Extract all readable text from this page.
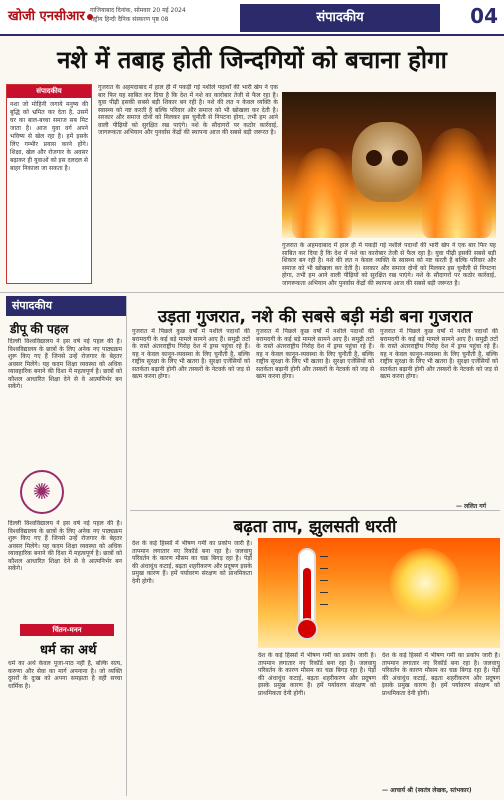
खोजी एनसीआर गाजियाबाद दिनांक, सोमवार 20 मई 2024
राष्ट्रीय हिन्दी दैनिक संस्करण पृष्ठ 08	संपादकीय	04
नशे में तबाह होती जिन्दगियों को बचाना होगा
संपादकीय
नशा जो मोहिनी जगाये मनुष्य की बुद्धि को भ्रमित कर देता है, उसमें घर का बाल-बच्चा समाज सब मिट जाता है। आज युवा वर्ग अपने भविष्य से खेल रहा है। हमें इसके लिए गम्भीर प्रयास करने होंगे। शिक्षा, खेल और रोजगार के अवसर बढ़ाकर ही युवाओं को इस दलदल से बाहर निकाला जा सकता है।
गुजरात के अहमदाबाद में हाल ही में पकड़ी गई नशीले पदार्थों की भारी खेप ने एक बार फिर यह साबित कर दिया है कि देश में नशे का कारोबार तेजी से फैल रहा है। युवा पीढ़ी इसकी सबसे बड़ी शिकार बन रही है। नशे की लत न केवल व्यक्ति के स्वास्थ्य को नष्ट करती है बल्कि परिवार और समाज को भी खोखला कर देती है। सरकार और समाज दोनों को मिलकर इस चुनौती से निपटना होगा, तभी हम आने वाली पीढ़ियों को सुरक्षित रख पाएंगे। नशे के सौदागरों पर कठोर कार्रवाई, जागरूकता अभियान और पुनर्वास केंद्रों की स्थापना आज की सबसे बड़ी जरूरत है।
गुजरात के अहमदाबाद में हाल ही में पकड़ी गई नशीले पदार्थों की भारी खेप ने एक बार फिर यह साबित कर दिया है कि देश में नशे का कारोबार तेजी से फैल रहा है। युवा पीढ़ी इसकी सबसे बड़ी शिकार बन रही है। नशे की लत न केवल व्यक्ति के स्वास्थ्य को नष्ट करती है बल्कि परिवार और समाज को भी खोखला कर देती है। सरकार और समाज दोनों को मिलकर इस चुनौती से निपटना होगा, तभी हम आने वाली पीढ़ियों को सुरक्षित रख पाएंगे। नशे के सौदागरों पर कठोर कार्रवाई, जागरूकता अभियान और पुनर्वास केंद्रों की स्थापना आज की सबसे बड़ी जरूरत है।
संपादकीय
डीपू की पहल
दिल्ली विश्वविद्यालय ने इस वर्ष नई पहल की है। विश्वविद्यालय के छात्रों के लिए अनेक नए पाठ्यक्रम शुरू किए गए हैं जिनसे उन्हें रोजगार के बेहतर अवसर मिलेंगे। यह कदम शिक्षा व्यवस्था को अधिक व्यावहारिक बनाने की दिशा में महत्वपूर्ण है। छात्रों को कौशल आधारित शिक्षा देने से वे आत्मनिर्भर बन सकेंगे।
✺
दिल्ली विश्वविद्यालय ने इस वर्ष नई पहल की है। विश्वविद्यालय के छात्रों के लिए अनेक नए पाठ्यक्रम शुरू किए गए हैं जिनसे उन्हें रोजगार के बेहतर अवसर मिलेंगे। यह कदम शिक्षा व्यवस्था को अधिक व्यावहारिक बनाने की दिशा में महत्वपूर्ण है। छात्रों को कौशल आधारित शिक्षा देने से वे आत्मनिर्भर बन सकेंगे।
चिंतन-मनन
धर्म का अर्थ
धर्म का अर्थ केवल पूजा-पाठ नहीं है, बल्कि सत्य, करुणा और सेवा का मार्ग अपनाना है। जो व्यक्ति दूसरों के दुःख को अपना समझता है वही सच्चा धार्मिक है।
उड़ता गुजरात, नशे की सबसे बड़ी मंडी बना गुजरात
गुजरात में पिछले कुछ वर्षों में नशीले पदार्थों की बरामदगी के कई बड़े मामले सामने आए हैं। समुद्री तटों के रास्ते अंतरराष्ट्रीय गिरोह देश में ड्रग्स पहुंचा रहे हैं। यह न केवल कानून-व्यवस्था के लिए चुनौती है, बल्कि राष्ट्रीय सुरक्षा के लिए भी खतरा है। सुरक्षा एजेंसियों को सतर्कता बढ़ानी होगी और तस्करों के नेटवर्क को जड़ से खत्म करना होगा।
गुजरात में पिछले कुछ वर्षों में नशीले पदार्थों की बरामदगी के कई बड़े मामले सामने आए हैं। समुद्री तटों के रास्ते अंतरराष्ट्रीय गिरोह देश में ड्रग्स पहुंचा रहे हैं। यह न केवल कानून-व्यवस्था के लिए चुनौती है, बल्कि राष्ट्रीय सुरक्षा के लिए भी खतरा है। सुरक्षा एजेंसियों को सतर्कता बढ़ानी होगी और तस्करों के नेटवर्क को जड़ से खत्म करना होगा।
गुजरात में पिछले कुछ वर्षों में नशीले पदार्थों की बरामदगी के कई बड़े मामले सामने आए हैं। समुद्री तटों के रास्ते अंतरराष्ट्रीय गिरोह देश में ड्रग्स पहुंचा रहे हैं। यह न केवल कानून-व्यवस्था के लिए चुनौती है, बल्कि राष्ट्रीय सुरक्षा के लिए भी खतरा है। सुरक्षा एजेंसियों को सतर्कता बढ़ानी होगी और तस्करों के नेटवर्क को जड़ से खत्म करना होगा।
— ललित गर्ग
बढ़ता ताप, झुलसती धरती
देश के कई हिस्सों में भीषण गर्मी का प्रकोप जारी है। तापमान लगातार नए रिकॉर्ड बना रहा है। जलवायु परिवर्तन के कारण मौसम का चक्र बिगड़ रहा है। पेड़ों की अंधाधुंध कटाई, बढ़ता शहरीकरण और प्रदूषण इसके प्रमुख कारण हैं। हमें पर्यावरण संरक्षण को प्राथमिकता देनी होगी।
देश के कई हिस्सों में भीषण गर्मी का प्रकोप जारी है। तापमान लगातार नए रिकॉर्ड बना रहा है। जलवायु परिवर्तन के कारण मौसम का चक्र बिगड़ रहा है। पेड़ों की अंधाधुंध कटाई, बढ़ता शहरीकरण और प्रदूषण इसके प्रमुख कारण हैं। हमें पर्यावरण संरक्षण को प्राथमिकता देनी होगी।
देश के कई हिस्सों में भीषण गर्मी का प्रकोप जारी है। तापमान लगातार नए रिकॉर्ड बना रहा है। जलवायु परिवर्तन के कारण मौसम का चक्र बिगड़ रहा है। पेड़ों की अंधाधुंध कटाई, बढ़ता शहरीकरण और प्रदूषण इसके प्रमुख कारण हैं। हमें पर्यावरण संरक्षण को प्राथमिकता देनी होगी।
— आचार्य श्री (स्वतंत्र लेखक, स्तंभकार)
